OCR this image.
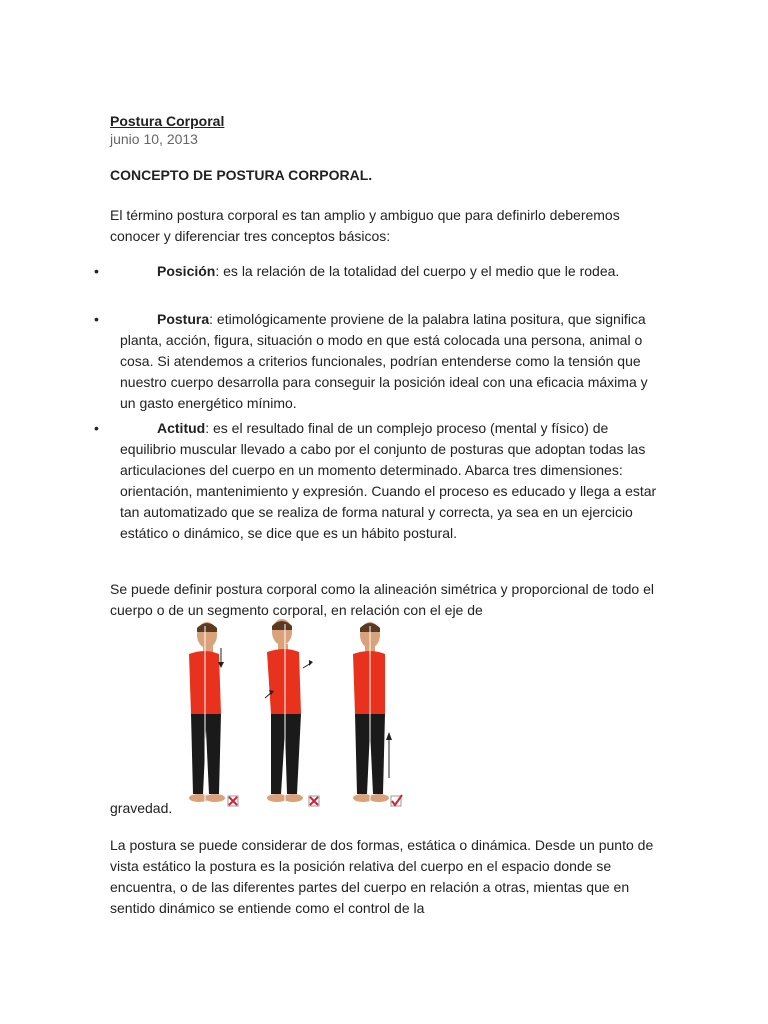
Postura Corporal
junio 10, 2013
CONCEPTO DE POSTURA CORPORAL.
El término postura corporal es tan amplio y ambiguo que para definirlo deberemos conocer y diferenciar tres conceptos básicos:
•	Posición: es la relación de la totalidad del cuerpo y el medio que le rodea.
•	Postura: etimológicamente proviene de la palabra latina positura, que significa planta, acción, figura, situación o modo en que está colocada una persona, animal o cosa. Si atendemos a criterios funcionales, podrían entenderse como la tensión que nuestro cuerpo desarrolla para conseguir la posición ideal con una eficacia máxima y un gasto energético mínimo.
•	Actitud: es el resultado final de un complejo proceso (mental y físico) de equilibrio muscular llevado a cabo por el conjunto de posturas que adoptan todas las articulaciones del cuerpo en un momento determinado. Abarca tres dimensiones: orientación, mantenimiento y expresión. Cuando el proceso es educado y llega a estar tan automatizado que se realiza de forma natural y correcta, ya sea en un ejercicio estático o dinámico, se dice que es un hábito postural.
Se puede definir postura corporal como la alineación simétrica y proporcional de todo el cuerpo o de un segmento corporal, en relación con el eje de
gravedad.
La postura se puede considerar de dos formas, estática o dinámica. Desde un punto de vista estático la postura es la posición relativa del cuerpo en el espacio donde se encuentra, o de las diferentes partes del cuerpo en relación a otras, mientas que en sentido dinámico se entiende como el control de la
